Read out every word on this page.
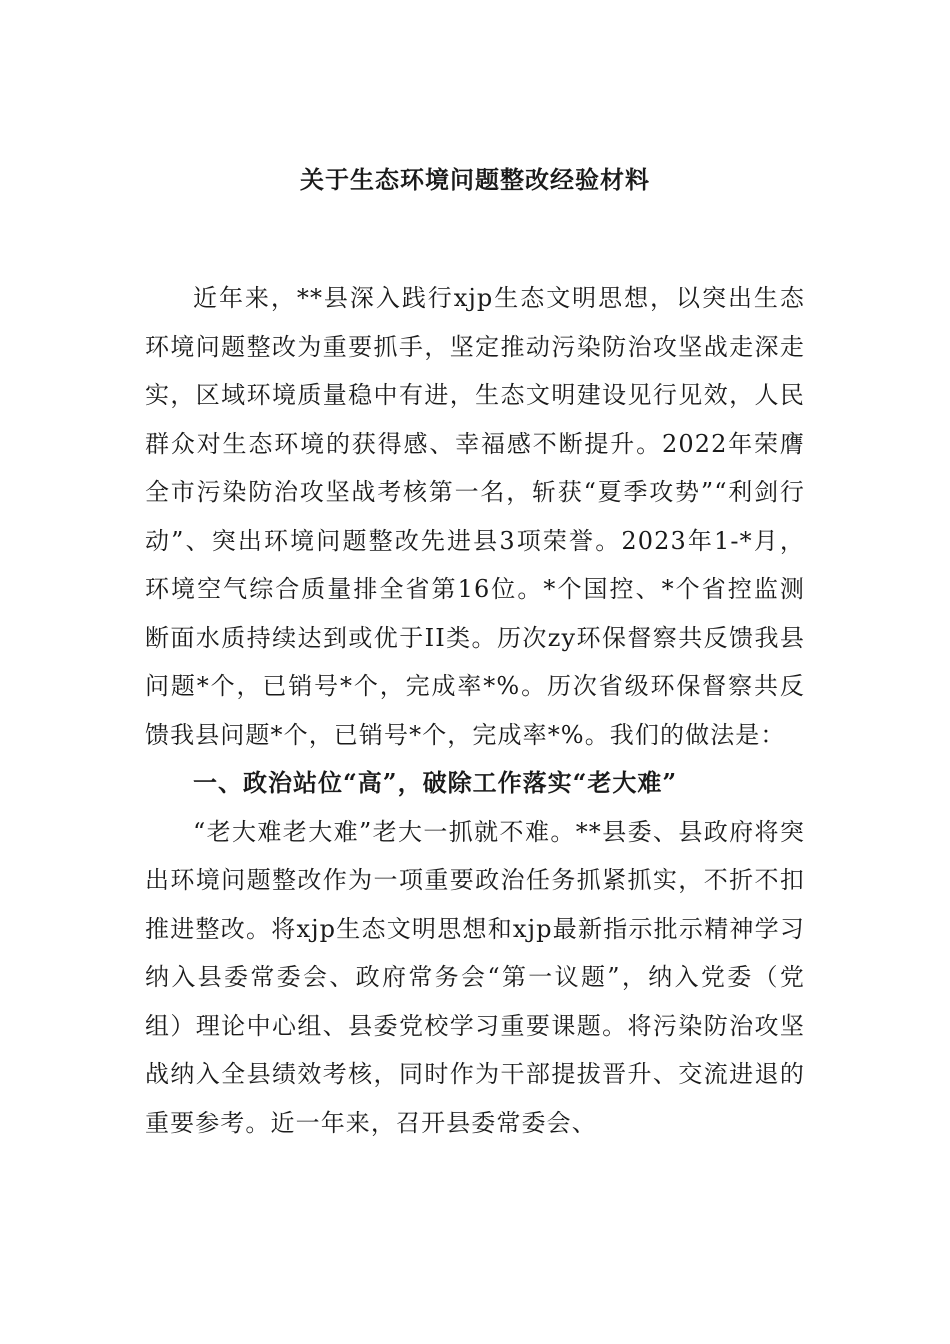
关于生态环境问题整改经验材料

近年来，**县深入践行xjp生态文明思想，以突出生态环境问题整改为重要抓手，坚定推动污染防治攻坚战走深走实，区域环境质量稳中有进，生态文明建设见行见效，人民群众对生态环境的获得感、幸福感不断提升。2022年荣膺全市污染防治攻坚战考核第一名，斩获“夏季攻势”“利剑行动”、突出环境问题整改先进县3项荣誉。2023年1-*月，环境空气综合质量排全省第16位。*个国控、*个省控监测断面水质持续达到或优于II类。历次zy环保督察共反馈我县问题*个，已销号*个，完成率*%。历次省级环保督察共反馈我县问题*个，已销号*个，完成率*%。我们的做法是：

一、政治站位“高”，破除工作落实“老大难”

“老大难老大难”老大一抓就不难。**县委、县政府将突出环境问题整改作为一项重要政治任务抓紧抓实，不折不扣推进整改。将xjp生态文明思想和xjp最新指示批示精神学习纳入县委常委会、政府常务会“第一议题”，纳入党委（党组）理论中心组、县委党校学习重要课题。将污染防治攻坚战纳入全县绩效考核，同时作为干部提拔晋升、交流进退的重要参考。近一年来，召开县委常委会、
